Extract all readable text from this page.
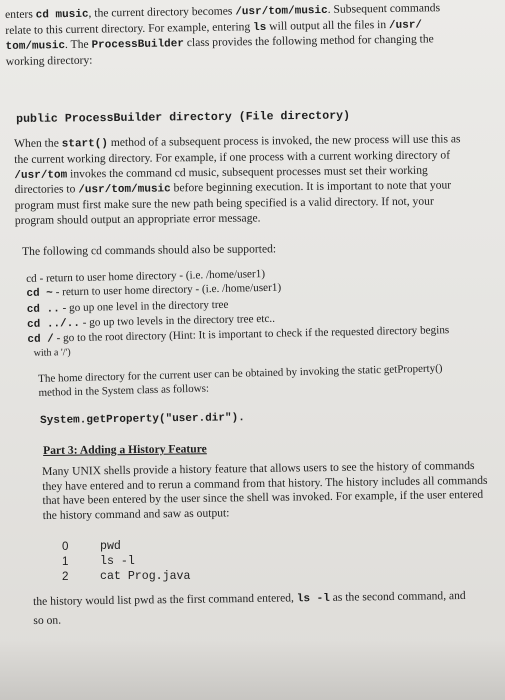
enters cd music, the current directory becomes /usr/tom/music. Subsequent commands
relate to this current directory. For example, entering ls will output all the files in /usr/
tom/music. The ProcessBuilder class provides the following method for changing the
working directory:

public ProcessBuilder directory (File directory)

When the start() method of a subsequent process is invoked, the new process will use this as
the current working directory. For example, if one process with a current working directory of
/usr/tom invokes the command cd music, subsequent processes must set their working
directories to /usr/tom/music before beginning execution. It is important to note that your
program must first make sure the new path being specified is a valid directory. If not, your
program should output an appropriate error message.

The following cd commands should also be supported:

cd - return to user home directory - (i.e. /home/user1)
cd ~ - return to user home directory - (i.e. /home/user1)
cd .. - go up one level in the directory tree
cd ../.. - go up two levels in the directory tree etc..
cd / - go to the root directory (Hint: It is important to check if the requested directory begins
with a '/')

The home directory for the current user can be obtained by invoking the static getProperty()
method in the System class as follows:

System.getProperty("user.dir").
Part 3: Adding a History Feature

Many UNIX shells provide a history feature that allows users to see the history of commands
they have entered and to rerun a command from that history. The history includes all commands
that have been entered by the user since the shell was invoked. For example, if the user entered
the history command and saw as output:

0	pwd
1	ls -l
2	cat Prog.java

the history would list pwd as the first command entered, ls -l as the second command, and
so on.
